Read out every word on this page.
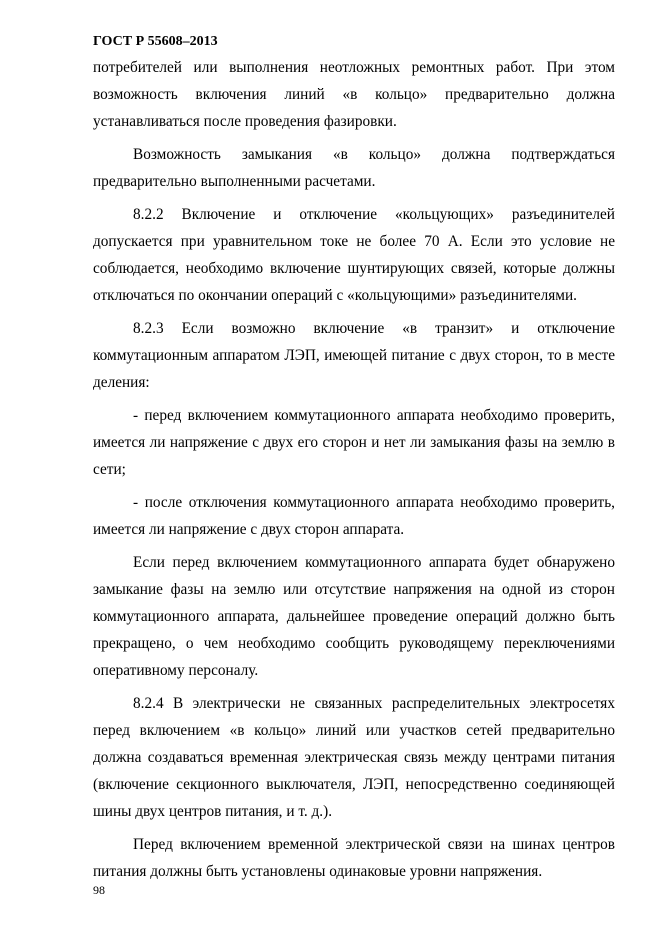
ГОСТ Р 55608–2013

потребителей или выполнения неотложных ремонтных работ. При этом возможность включения линий «в кольцо» предварительно должна устанавливаться после проведения фазировки.

Возможность замыкания «в кольцо» должна подтверждаться предварительно выполненными расчетами.

8.2.2 Включение и отключение «кольцующих» разъединителей допускается при уравнительном токе не более 70 А. Если это условие не соблюдается, необходимо включение шунтирующих связей, которые должны отключаться по окончании операций с «кольцующими» разъединителями.

8.2.3 Если возможно включение «в транзит» и отключение коммутационным аппаратом ЛЭП, имеющей питание с двух сторон, то в месте деления:

- перед включением коммутационного аппарата необходимо проверить, имеется ли напряжение с двух его сторон и нет ли замыкания фазы на землю в сети;

- после отключения коммутационного аппарата необходимо проверить, имеется ли напряжение с двух сторон аппарата.

Если перед включением коммутационного аппарата будет обнаружено замыкание фазы на землю или отсутствие напряжения на одной из сторон коммутационного аппарата, дальнейшее проведение операций должно быть прекращено, о чем необходимо сообщить руководящему переключениями оперативному персоналу.

8.2.4 В электрически не связанных распределительных электросетях перед включением «в кольцо» линий или участков сетей предварительно должна создаваться временная электрическая связь между центрами питания (включение секционного выключателя, ЛЭП, непосредственно соединяющей шины двух центров питания, и т. д.).

Перед включением временной электрической связи на шинах центров питания должны быть установлены одинаковые уровни напряжения.

98
